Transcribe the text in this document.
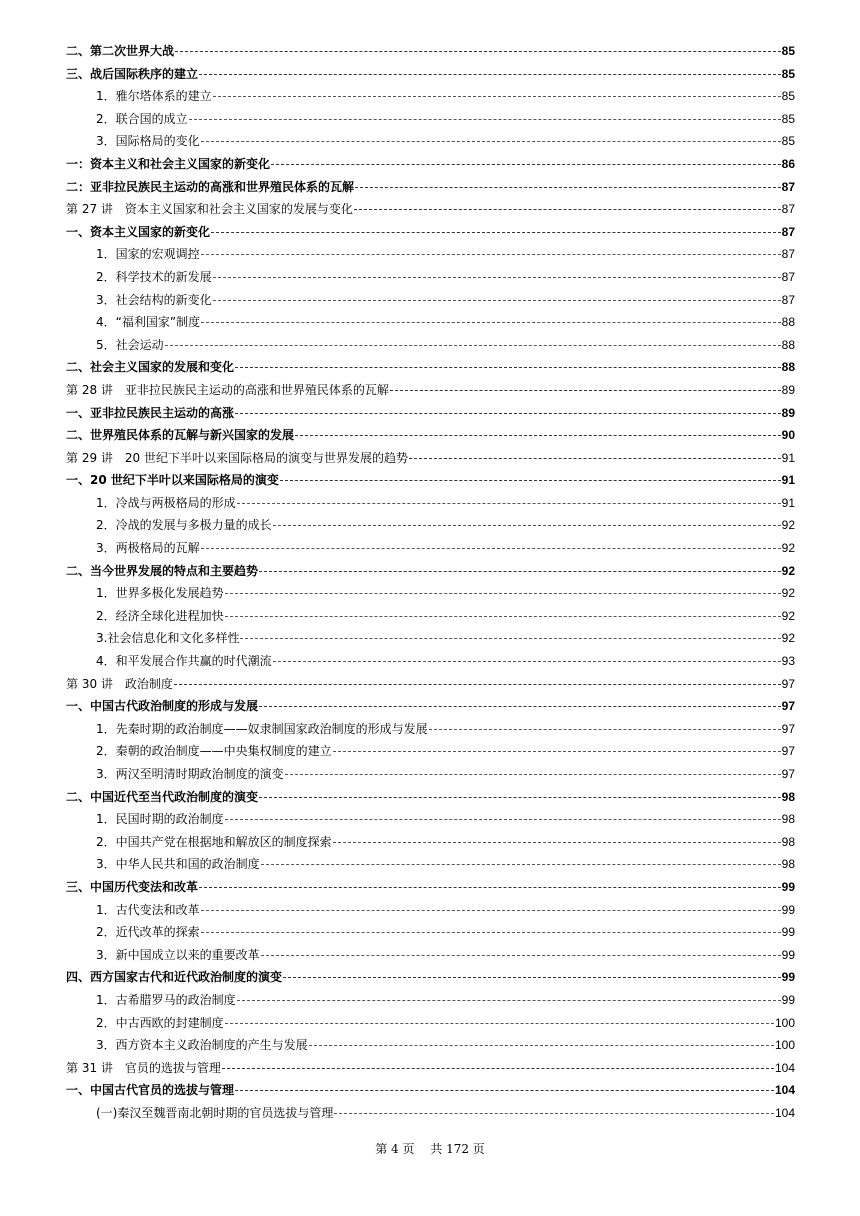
二、第二次世界大战	85
三、战后国际秩序的建立	85
1．雅尔塔体系的建立	85
2．联合国的成立	85
3．国际格局的变化	85
一：资本主义和社会主义国家的新变化	86
二：亚非拉民族民主运动的高涨和世界殖民体系的瓦解	87
第 27 讲　资本主义国家和社会主义国家的发展与变化	87
一、资本主义国家的新变化	87
1．国家的宏观调控	87
2．科学技术的新发展	87
3．社会结构的新变化	87
4．“福利国家”制度	88
5．社会运动	88
二、社会主义国家的发展和变化	88
第 28 讲　亚非拉民族民主运动的高涨和世界殖民体系的瓦解	89
一、亚非拉民族民主运动的高涨	89
二、世界殖民体系的瓦解与新兴国家的发展	90
第 29 讲　20 世纪下半叶以来国际格局的演变与世界发展的趋势	91
一、20 世纪下半叶以来国际格局的演变	91
1．冷战与两极格局的形成	91
2．冷战的发展与多极力量的成长	92
3．两极格局的瓦解	92
二、当今世界发展的特点和主要趋势	92
1．世界多极化发展趋势	92
2．经济全球化进程加快	92
3.社会信息化和文化多样性	92
4．和平发展合作共赢的时代潮流	93
第 30 讲　政治制度	97
一、中国古代政治制度的形成与发展	97
1．先秦时期的政治制度——奴隶制国家政治制度的形成与发展	97
2．秦朝的政治制度——中央集权制度的建立	97
3．两汉至明清时期政治制度的演变	97
二、中国近代至当代政治制度的演变	98
1．民国时期的政治制度	98
2．中国共产党在根据地和解放区的制度探索	98
3．中华人民共和国的政治制度	98
三、中国历代变法和改革	99
1．古代变法和改革	99
2．近代改革的探索	99
3．新中国成立以来的重要改革	99
四、西方国家古代和近代政治制度的演变	99
1．古希腊罗马的政治制度	99
2．中古西欧的封建制度	100
3．西方资本主义政治制度的产生与发展	100
第 31 讲　官员的选拔与管理	104
一、中国古代官员的选拔与管理	104
(一)秦汉至魏晋南北朝时期的官员选拔与管理	104
第 4 页　 共 172 页
